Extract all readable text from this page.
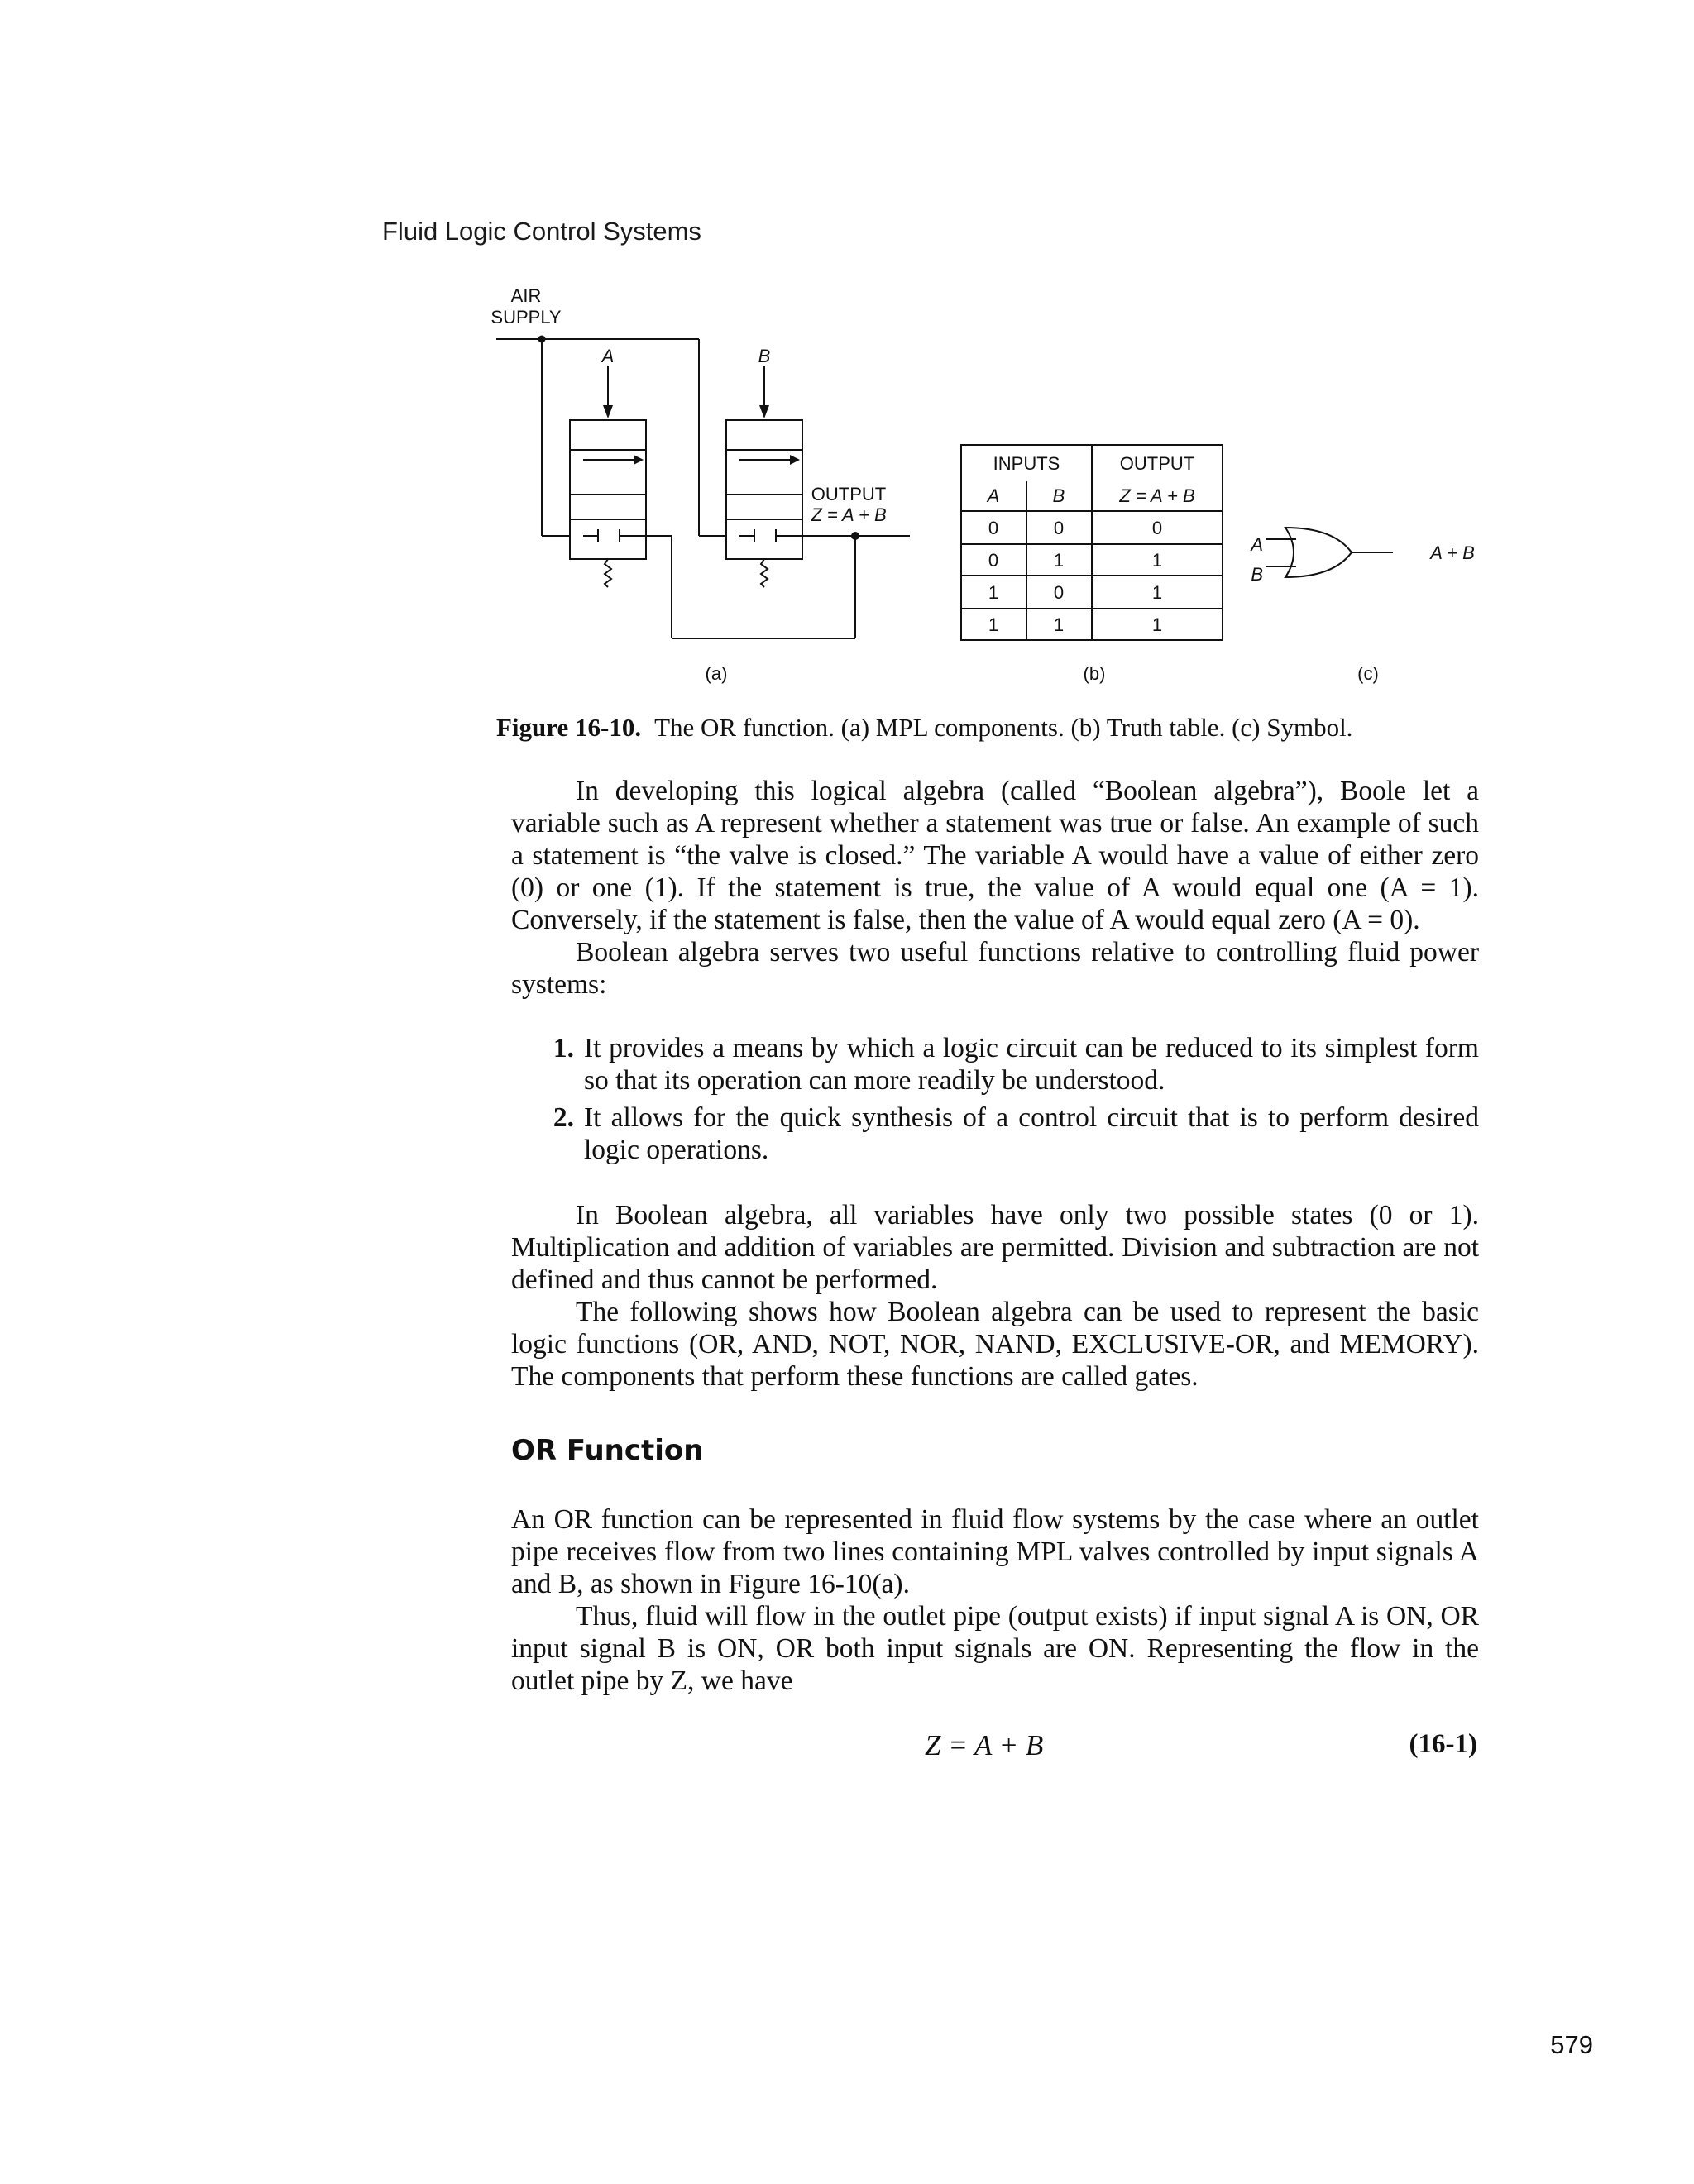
Fluid Logic Control Systems
AIR
SUPPLY
A	B
OUTPUT
Z = A + B
(a)
INPUTS	OUTPUT
A	B	Z = A + B
0	0	0
0	1	1
1	0	1
1	1	1
(b)
A
B
A + B
(c)
Figure 16-10. The OR function. (a) MPL components. (b) Truth table. (c) Symbol.

In developing this logical algebra (called “Boolean algebra”), Boole let a variable such as A represent whether a statement was true or false. An example of such a statement is “the valve is closed.” The variable A would have a value of either zero (0) or one (1). If the statement is true, the value of A would equal one (A = 1). Conversely, if the statement is false, then the value of A would equal zero (A = 0).

Boolean algebra serves two useful functions relative to controlling fluid power systems:

1. It provides a means by which a logic circuit can be reduced to its simplest form so that its operation can more readily be understood.
2. It allows for the quick synthesis of a control circuit that is to perform desired logic operations.

In Boolean algebra, all variables have only two possible states (0 or 1). Multiplication and addition of variables are permitted. Division and subtraction are not defined and thus cannot be performed.

The following shows how Boolean algebra can be used to represent the basic logic functions (OR, AND, NOT, NOR, NAND, EXCLUSIVE-OR, and MEMORY). The components that perform these functions are called gates.

OR Function

An OR function can be represented in fluid flow systems by the case where an outlet pipe receives flow from two lines containing MPL valves controlled by input signals A and B, as shown in Figure 16-10(a).

Thus, fluid will flow in the outlet pipe (output exists) if input signal A is ON, OR input signal B is ON, OR both input signals are ON. Representing the flow in the outlet pipe by Z, we have

Z = A + B	(16-1)
579
